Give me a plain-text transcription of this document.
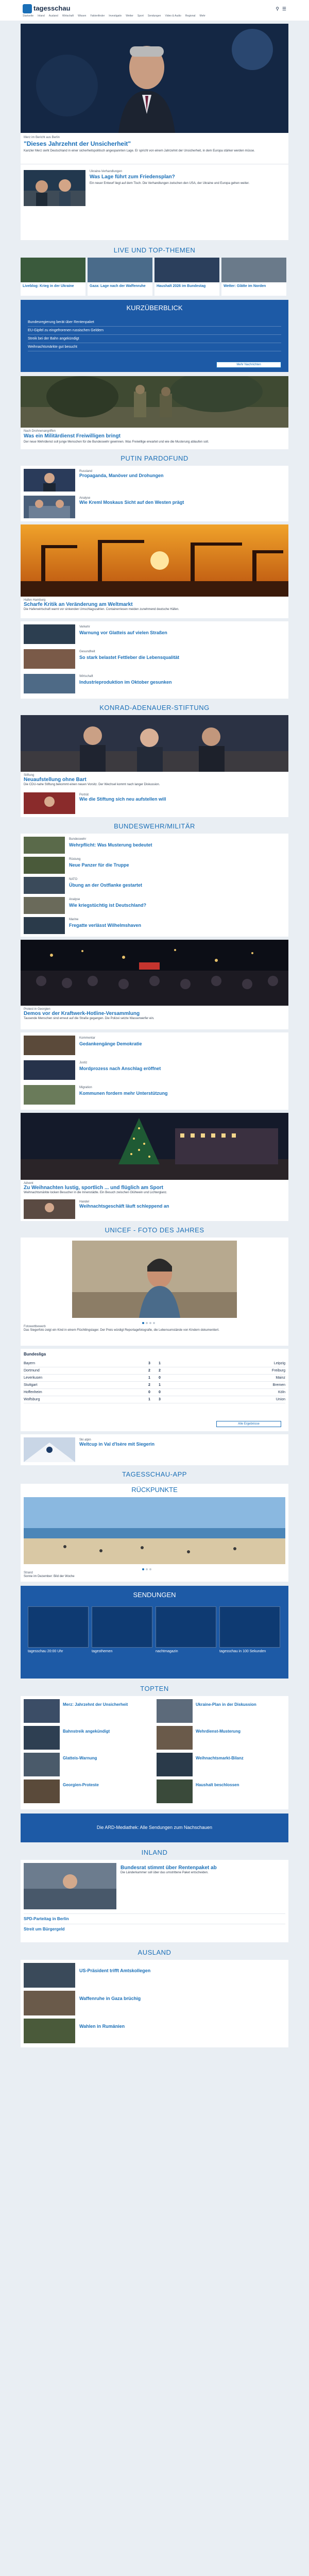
tagesschau	⚲ ☰
Startseite Inland Ausland Wirtschaft Wissen Faktenfinder Investigativ Wetter Sport Sendungen Video & Audio Regional Mehr
Merz im Bericht aus Berlin
"Dieses Jahrzehnt der Unsicherheit"
Kanzler Merz sieht Deutschland in einer sicherheitspolitisch angespannten Lage. Er spricht von einem Jahrzehnt der Unsicherheit, in dem Europa stärker werden müsse.
Ukraine-Verhandlungen
Was Lage führt zum Friedensplan?
Ein neuer Entwurf liegt auf dem Tisch. Die Verhandlungen zwischen den USA, der Ukraine und Europa gehen weiter.
LIVE UND TOP-THEMEN
Liveblog: Krieg in der Ukraine	Gaza: Lage nach der Waffenruhe	Haushalt 2026 im Bundestag	Wetter: Glätte im Norden
KURZÜBERBLICK
Bundesregierung berät über Rentenpaket
EU-Gipfel zu eingefrorenen russischen Geldern
Streik bei der Bahn angekündigt
Weihnachtsmärkte gut besucht
Mehr Nachrichten
Nach Drohnenangriffen
Was ein Militärdienst Freiwilligen bringt
Der neue Wehrdienst soll junge Menschen für die Bundeswehr gewinnen. Was Freiwillige erwartet und wie die Musterung ablaufen soll.
PUTIN PARDOFUND
Russland
Propaganda, Manöver und Drohungen
Analyse
Wie Kreml Moskaus Sicht auf den Westen prägt
Hafen Hamburg
Scharfe Kritik an Veränderung am Weltmarkt
Die Hafenwirtschaft warnt vor sinkenden Umschlagszahlen. Containerriesen meiden zunehmend deutsche Häfen.
Verkehr
Warnung vor Glatteis auf vielen Straßen
Gesundheit
So stark belastet Fettleber die Lebensqualität
Wirtschaft
Industrieproduktion im Oktober gesunken
KONRAD-ADENAUER-STIFTUNG
Stiftung
Neuaufstellung ohne Bart
Die CDU-nahe Stiftung bekommt einen neuen Vorsitz. Der Wechsel kommt nach langer Diskussion.
Porträt
Wie die Stiftung sich neu aufstellen will
BUNDESWEHR/MILITÄR
Bundeswehr
Wehrpflicht: Was Musterung bedeutet
Rüstung
Neue Panzer für die Truppe
NATO
Übung an der Ostflanke gestartet
Analyse
Wie kriegstüchtig ist Deutschland?
Marine
Fregatte verlässt Wilhelmshaven
Protest in Georgien
Demos vor der Kraftwerk-Hotline-Versammlung
Tausende Menschen sind erneut auf die Straße gegangen. Die Polizei setzte Wasserwerfer ein.
Kommentar
Gedankengänge Demokratie
Justiz
Mordprozess nach Anschlag eröffnet
Migration
Kommunen fordern mehr Unterstützung
Advent
Zu Weihnachten lustig, sportlich ... und flüglich am Sport
Weihnachtsmärkte locken Besucher in die Innenstädte. Ein Besuch zwischen Glühwein und Lichterglanz.
Handel
Weihnachtsgeschäft läuft schleppend an
UNICEF - FOTO DES JAHRES
Fotowettbewerb
Das Siegerfoto zeigt ein Kind in einem Flüchtlingslager. Der Preis würdigt Reportagefotografie, die Lebensumstände von Kindern dokumentiert.
Bundesliga
Bayern	3	1	Leipzig
Dortmund	2	2	Freiburg
Leverkusen	1	0	Mainz
Stuttgart	2	1	Bremen
Hoffenheim	0	0	Köln
Wolfsburg	1	3	Union
Alle Ergebnisse
Ski alpin
Weltcup in Val d'Isère mit Siegerin
TAGESSCHAU-APP
RÜCKPUNKTE
Strand
Sonne im Dezember: Bild der Woche
SENDUNGEN
tagesschau 20:00 Uhr	tagesthemen	nachtmagazin	tagesschau in 100 Sekunden
TOPTEN
Merz: Jahrzehnt der Unsicherheit	Ukraine-Plan in der Diskussion
Bahnstreik angekündigt	Wehrdienst-Musterung
Glatteis-Warnung	Weihnachtsmarkt-Bilanz
Georgien-Proteste	Haushalt beschlossen
Die ARD-Mediathek: Alle Sendungen zum Nachschauen
INLAND
Bundesrat stimmt über Rentenpaket ab
Die Länderkammer soll über das umstrittene Paket entscheiden.
SPD-Parteitag in Berlin
Streit um Bürgergeld
AUSLAND
US-Präsident trifft Amtskollegen
Waffenruhe in Gaza brüchig
Wahlen in Rumänien
